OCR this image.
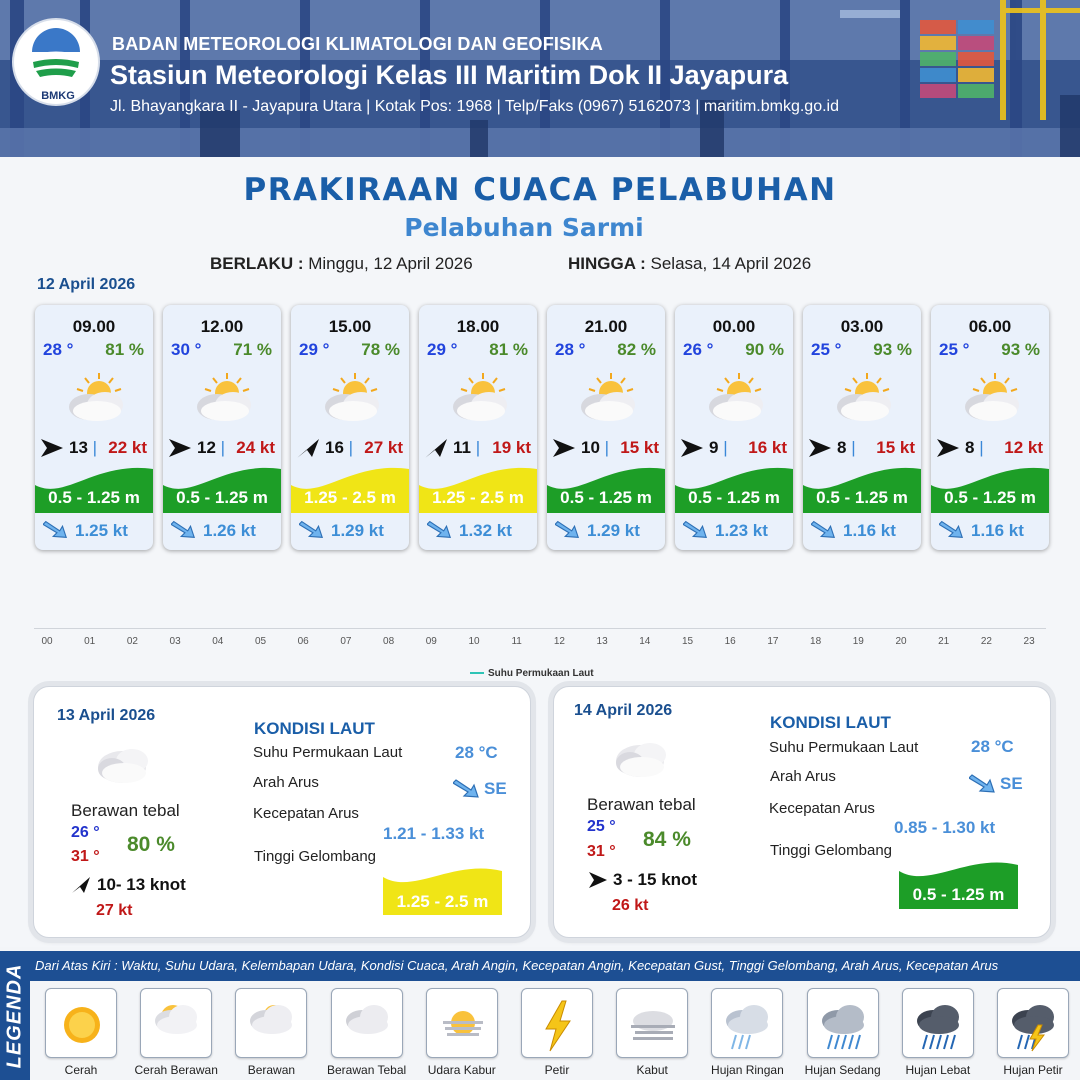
BMKG
BADAN METEOROLOGI KLIMATOLOGI DAN GEOFISIKA
Stasiun Meteorologi Kelas III Maritim Dok II Jayapura
Jl. Bhayangkara II - Jayapura Utara | Kotak Pos: 1968 | Telp/Faks (0967) 5162073 | maritim.bmkg.go.id
PRAKIRAAN CUACA PELABUHAN
Pelabuhan Sarmi
BERLAKU : Minggu, 12 April 2026	HINGGA : Selasa, 14 April 2026
12 April 2026
09.00
28 ° 81 %
13 | 22 kt
0.5 - 1.25 m
1.25 kt
12.00
30 ° 71 %
12 | 24 kt
0.5 - 1.25 m
1.26 kt
15.00
29 ° 78 %
16 | 27 kt
1.25 - 2.5 m
1.29 kt
18.00
29 ° 81 %
11 | 19 kt
1.25 - 2.5 m
1.32 kt
21.00
28 ° 82 %
10 | 15 kt
0.5 - 1.25 m
1.29 kt
00.00
26 ° 90 %
9 | 16 kt
0.5 - 1.25 m
1.23 kt
03.00
25 ° 93 %
8 | 15 kt
0.5 - 1.25 m
1.16 kt
06.00
25 ° 93 %
8 | 12 kt
0.5 - 1.25 m
1.16 kt
00	01	02	03	04	05	06	07	08	09	10	11	12	13	14	15	16	17	18	19	20	21	22	23
Suhu Permukaan Laut
13 April 2026
Berawan tebal
26 °
31 °
80 %
10- 13 knot
27 kt
KONDISI LAUT
Suhu Permukaan Laut	28 °C
Arah Arus	SE
Kecepatan Arus
1.21 - 1.33 kt
Tinggi Gelombang
1.25 - 2.5 m
14 April 2026
Berawan tebal
25 °
31 °
84 %
3 - 15 knot
26 kt
KONDISI LAUT
Suhu Permukaan Laut	28 °C
Arah Arus	SE
Kecepatan Arus
0.85 - 1.30 kt
Tinggi Gelombang
0.5 - 1.25 m
LEGENDA Dari Atas Kiri : Waktu, Suhu Udara, Kelembapan Udara, Kondisi Cuaca, Arah Angin, Kecepatan Angin, Kecepatan Gust, Tinggi Gelombang, Arah Arus, Kecepatan Arus
Cerah	Cerah Berawan	Berawan	Berawan Tebal	Udara Kabur	Petir	Kabut	Hujan Ringan	Hujan Sedang	Hujan Lebat	Hujan Petir
